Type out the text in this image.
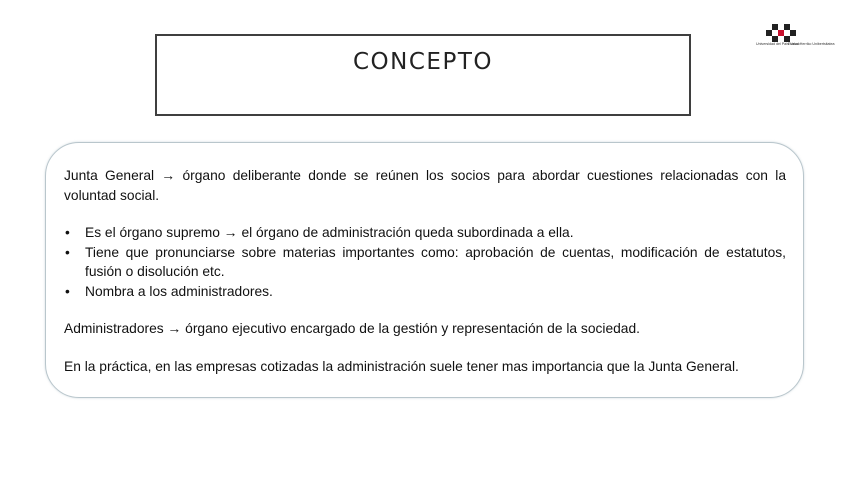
CONCEPTO
Universidad del País Vasco
Euskal Herriko Unibertsitatea

Junta General → órgano deliberante donde se reúnen los socios para abordar cuestiones relacionadas con la voluntad social.

• Es el órgano supremo → el órgano de administración queda subordinada a ella.
• Tiene que pronunciarse sobre materias importantes como: aprobación de cuentas, modificación de estatutos, fusión o disolución etc.
• Nombra a los administradores.

Administradores → órgano ejecutivo encargado de la gestión y representación de la sociedad.

En la práctica, en las empresas cotizadas la administración suele tener mas importancia que la Junta General.
